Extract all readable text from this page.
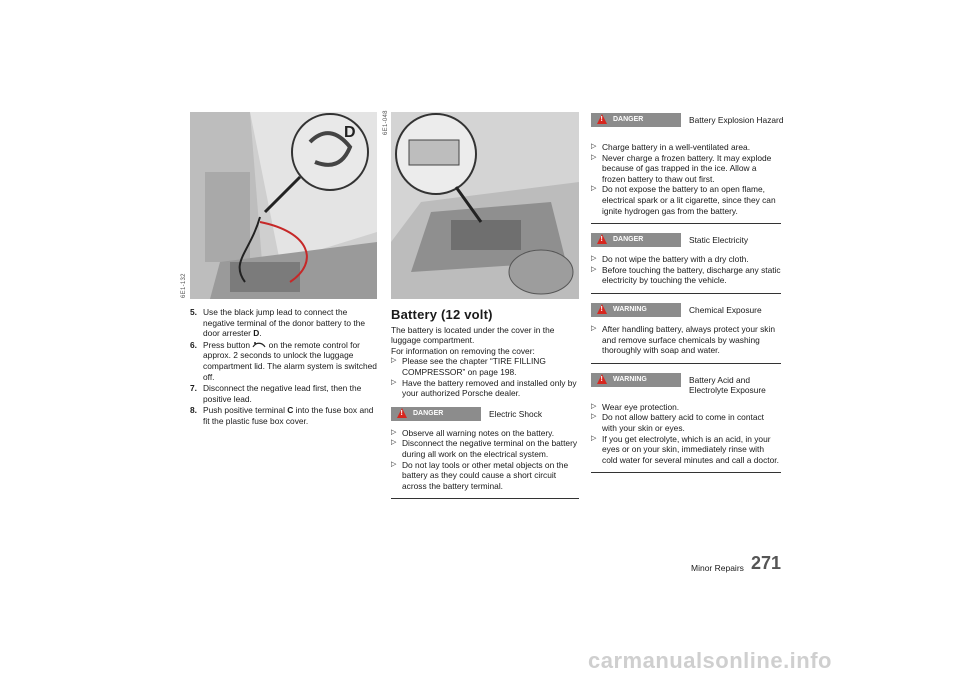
D
6E1-132
5. Use the black jump lead to connect the negative terminal of the donor battery to the door arrester D.
6. Press button  on the remote control for approx. 2 seconds to unlock the luggage compartment lid. The alarm system is switched off.
7. Disconnect the negative lead first, then the positive lead.
8. Push positive terminal C into the fuse box and fit the plastic fuse box cover.
6E1-048
Battery (12 volt)

The battery is located under the cover in the luggage compartment.

For information on removing the cover:

▷ Please see the chapter “TIRE FILLING COMPRESSOR” on page 198.
▷ Have the battery removed and installed only by your authorized Porsche dealer.
!
DANGER	Electric Shock
▷ Observe all warning notes on the battery.
▷ Disconnect the negative terminal on the battery during all work on the electrical system.
▷ Do not lay tools or other metal objects on the battery as they could cause a short circuit across the battery terminal.
!
DANGER	Battery Explosion Hazard
▷ Charge battery in a well-ventilated area.
▷ Never charge a frozen battery. It may explode because of gas trapped in the ice. Allow a frozen battery to thaw out first.
▷ Do not expose the battery to an open flame, electrical spark or a lit cigarette, since they can ignite hydrogen gas from the battery.
!
DANGER	Static Electricity
▷ Do not wipe the battery with a dry cloth.
▷ Before touching the battery, discharge any static electricity by touching the vehicle.
!
WARNING	Chemical Exposure
▷ After handling battery, always protect your skin and remove surface chemicals by washing thoroughly with soap and water.
!
WARNING	Battery Acid and Electrolyte Exposure
▷ Wear eye protection.
▷ Do not allow battery acid to come in contact with your skin or eyes.
▷ If you get electrolyte, which is an acid, in your eyes or on your skin, immediately rinse with cold water for several minutes and call a doctor.
Minor Repairs 271
carmanualsonline.info
